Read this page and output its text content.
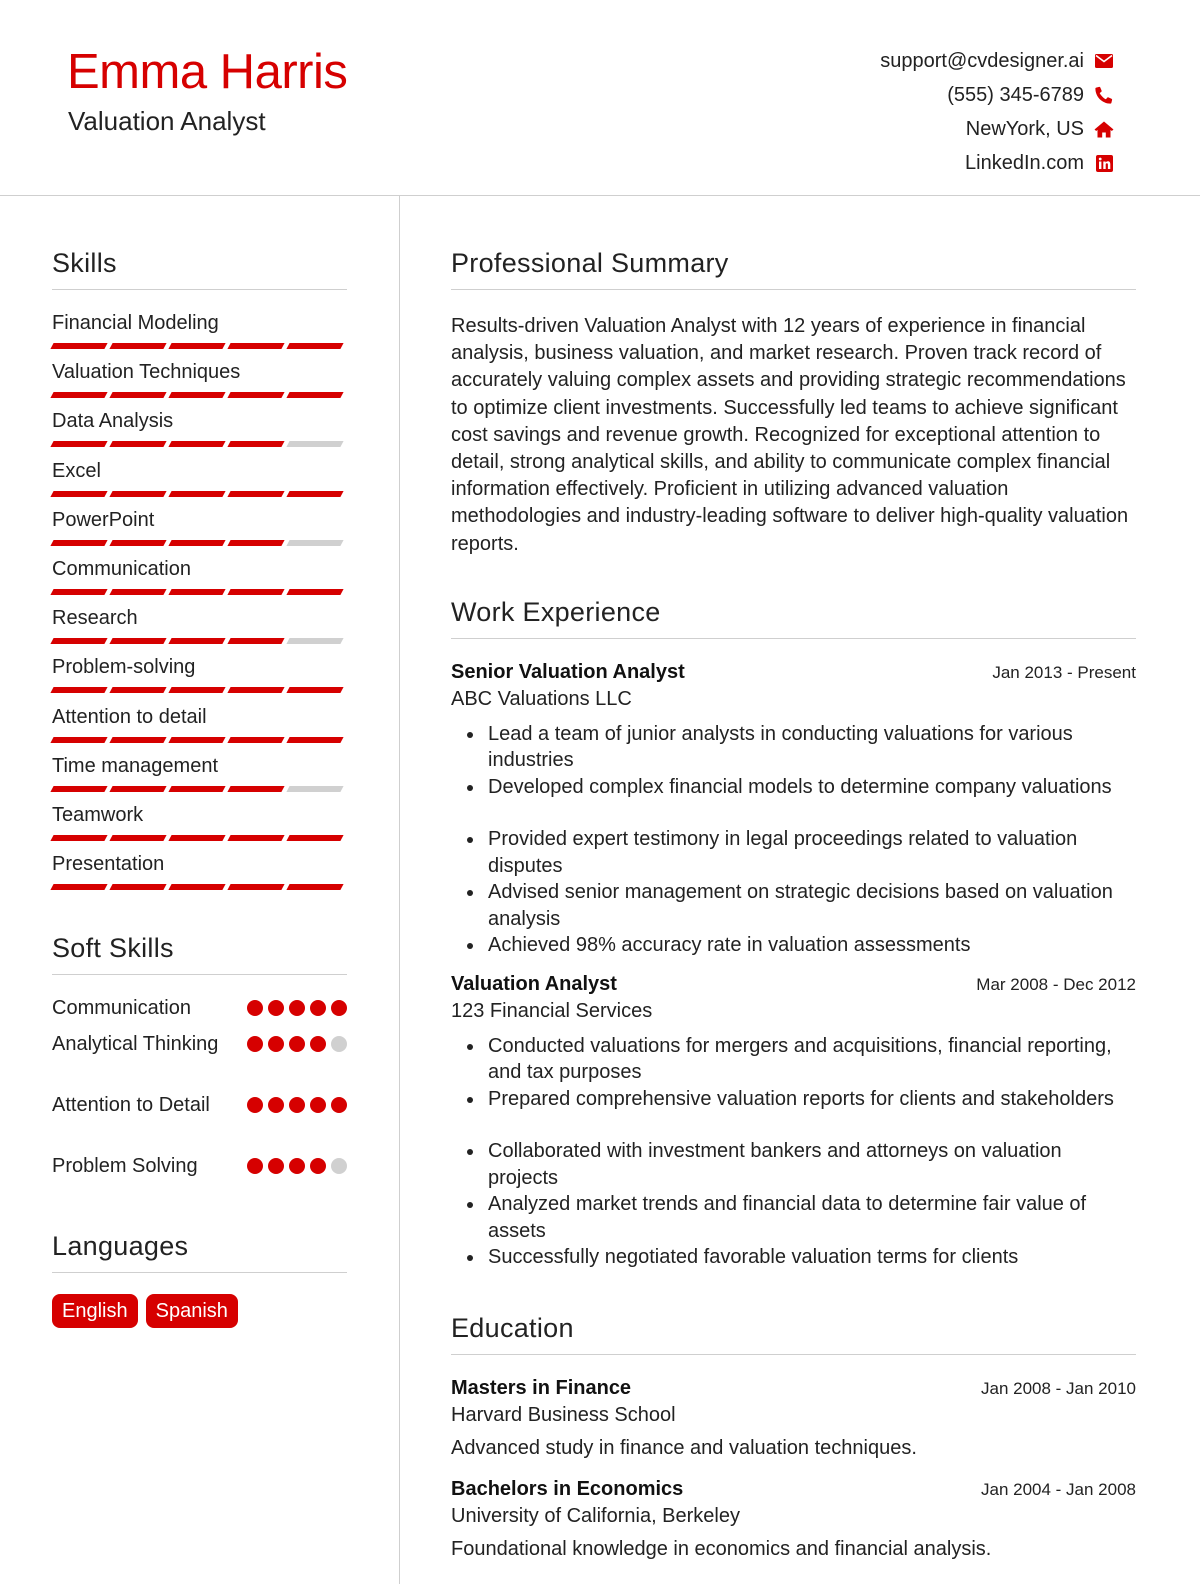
Emma Harris
Valuation Analyst
support@cvdesigner.ai
(555) 345-6789
NewYork, US
LinkedIn.com
Skills
Financial Modeling
Valuation Techniques
Data Analysis
Excel
PowerPoint
Communication
Research
Problem-solving
Attention to detail
Time management
Teamwork
Presentation
Soft Skills
Communication
Analytical Thinking
Attention to Detail
Problem Solving
Languages
English	Spanish
Professional Summary

Results-driven Valuation Analyst with 12 years of experience in financial analysis, business valuation, and market research. Proven track record of accurately valuing complex assets and providing strategic recommendations to optimize client investments. Successfully led teams to achieve significant cost savings and revenue growth. Recognized for exceptional attention to detail, strong analytical skills, and ability to communicate complex financial information effectively. Proficient in utilizing advanced valuation methodologies and industry-leading software to deliver high-quality valuation reports.

Work Experience
Senior Valuation Analyst	Jan 2013 - Present
ABC Valuations LLC
Lead a team of junior analysts in conducting valuations for various industries
Developed complex financial models to determine company valuations
Provided expert testimony in legal proceedings related to valuation disputes
Advised senior management on strategic decisions based on valuation analysis
Achieved 98% accuracy rate in valuation assessments
Valuation Analyst	Mar 2008 - Dec 2012
123 Financial Services
Conducted valuations for mergers and acquisitions, financial reporting, and tax purposes
Prepared comprehensive valuation reports for clients and stakeholders
Collaborated with investment bankers and attorneys on valuation projects
Analyzed market trends and financial data to determine fair value of assets
Successfully negotiated favorable valuation terms for clients
Education
Masters in Finance	Jan 2008 - Jan 2010
Harvard Business School
Advanced study in finance and valuation techniques.
Bachelors in Economics	Jan 2004 - Jan 2008
University of California, Berkeley
Foundational knowledge in economics and financial analysis.
